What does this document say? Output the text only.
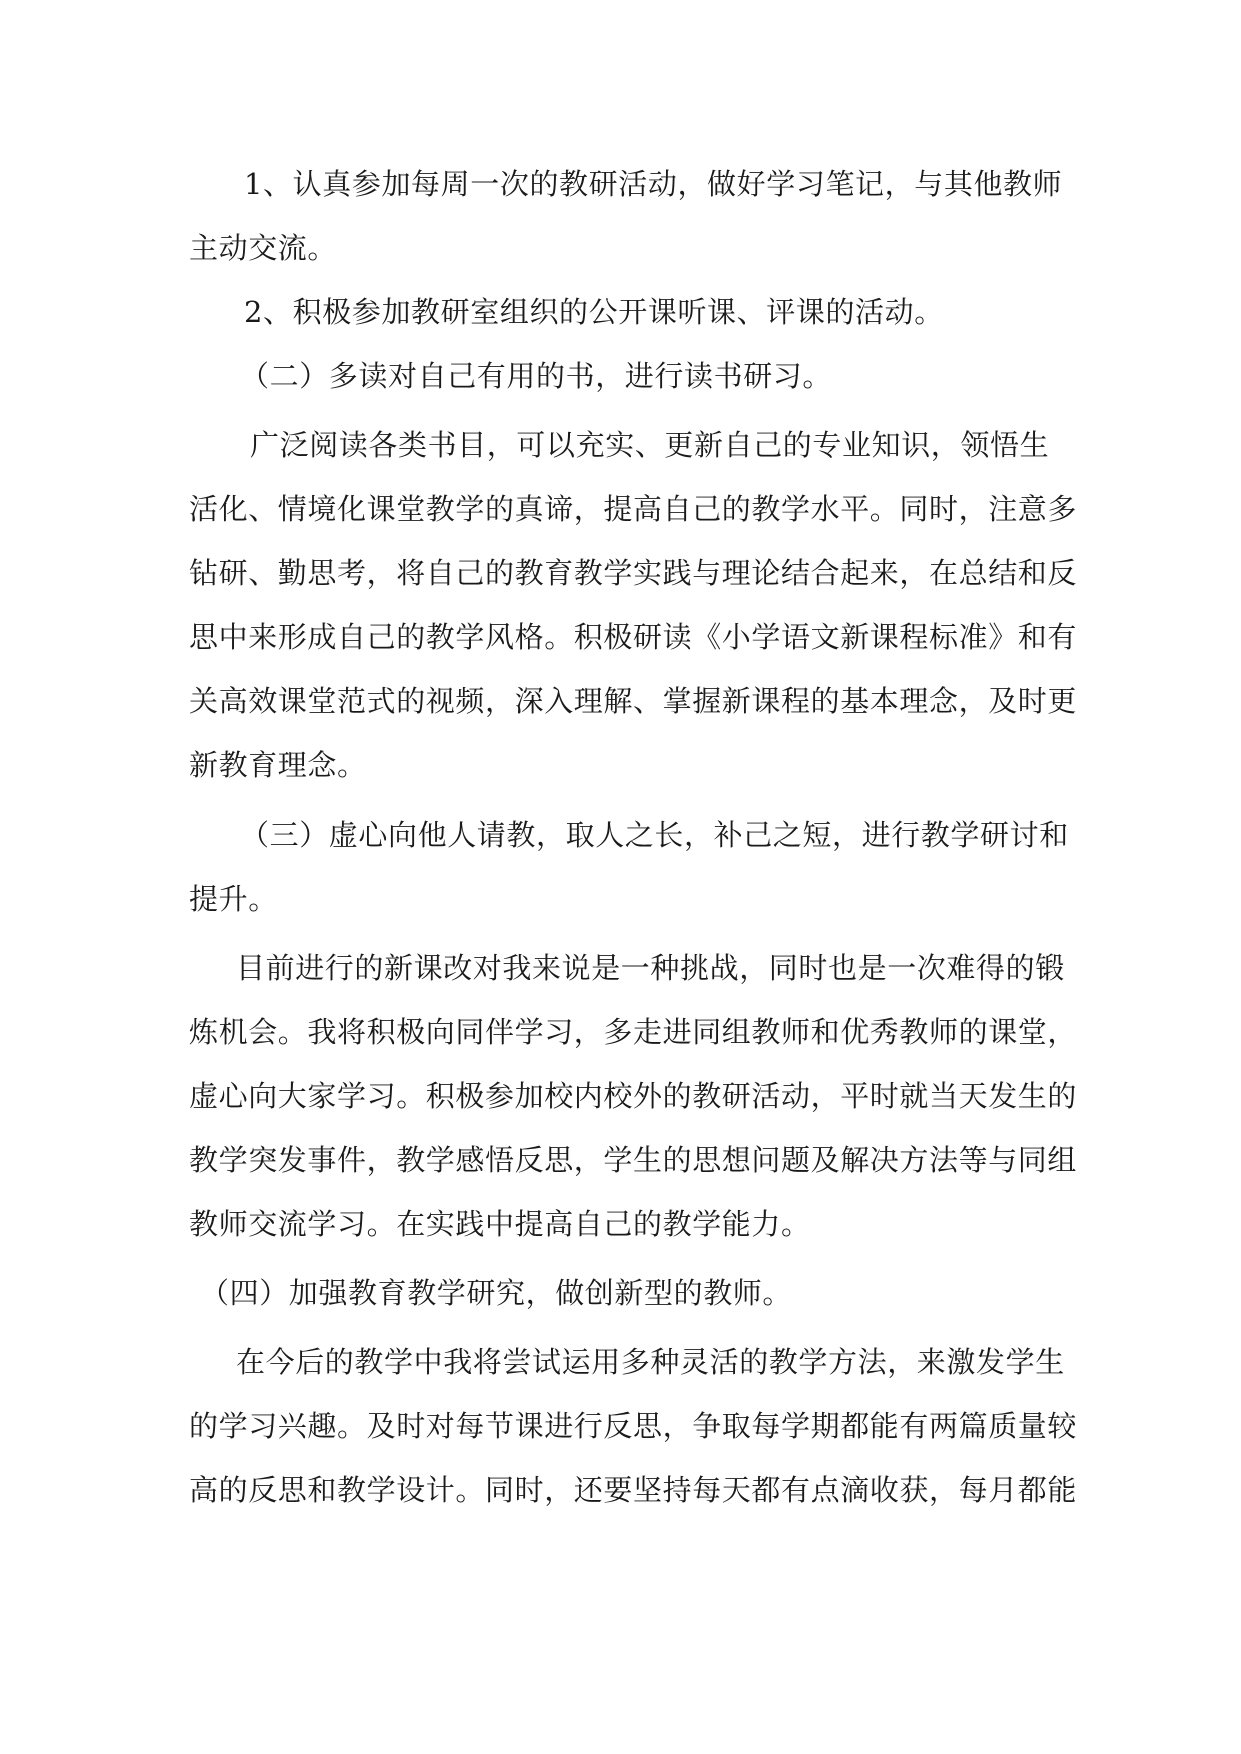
1、认真参加每周一次的教研活动，做好学习笔记，与其他教师
主动交流。
2、积极参加教研室组织的公开课听课、评课的活动。
（二）多读对自己有用的书，进行读书研习。
广泛阅读各类书目，可以充实、更新自己的专业知识，领悟生
活化、情境化课堂教学的真谛，提高自己的教学水平。同时，注意多
钻研、勤思考，将自己的教育教学实践与理论结合起来，在总结和反
思中来形成自己的教学风格。积极研读《小学语文新课程标准》和有
关高效课堂范式的视频，深入理解、掌握新课程的基本理念，及时更
新教育理念。
（三）虚心向他人请教，取人之长，补己之短，进行教学研讨和
提升。
目前进行的新课改对我来说是一种挑战，同时也是一次难得的锻
炼机会。我将积极向同伴学习，多走进同组教师和优秀教师的课堂，
虚心向大家学习。积极参加校内校外的教研活动，平时就当天发生的
教学突发事件，教学感悟反思，学生的思想问题及解决方法等与同组
教师交流学习。在实践中提高自己的教学能力。
（四）加强教育教学研究，做创新型的教师。
在今后的教学中我将尝试运用多种灵活的教学方法，来激发学生
的学习兴趣。及时对每节课进行反思，争取每学期都能有两篇质量较
高的反思和教学设计。同时，还要坚持每天都有点滴收获，每月都能
